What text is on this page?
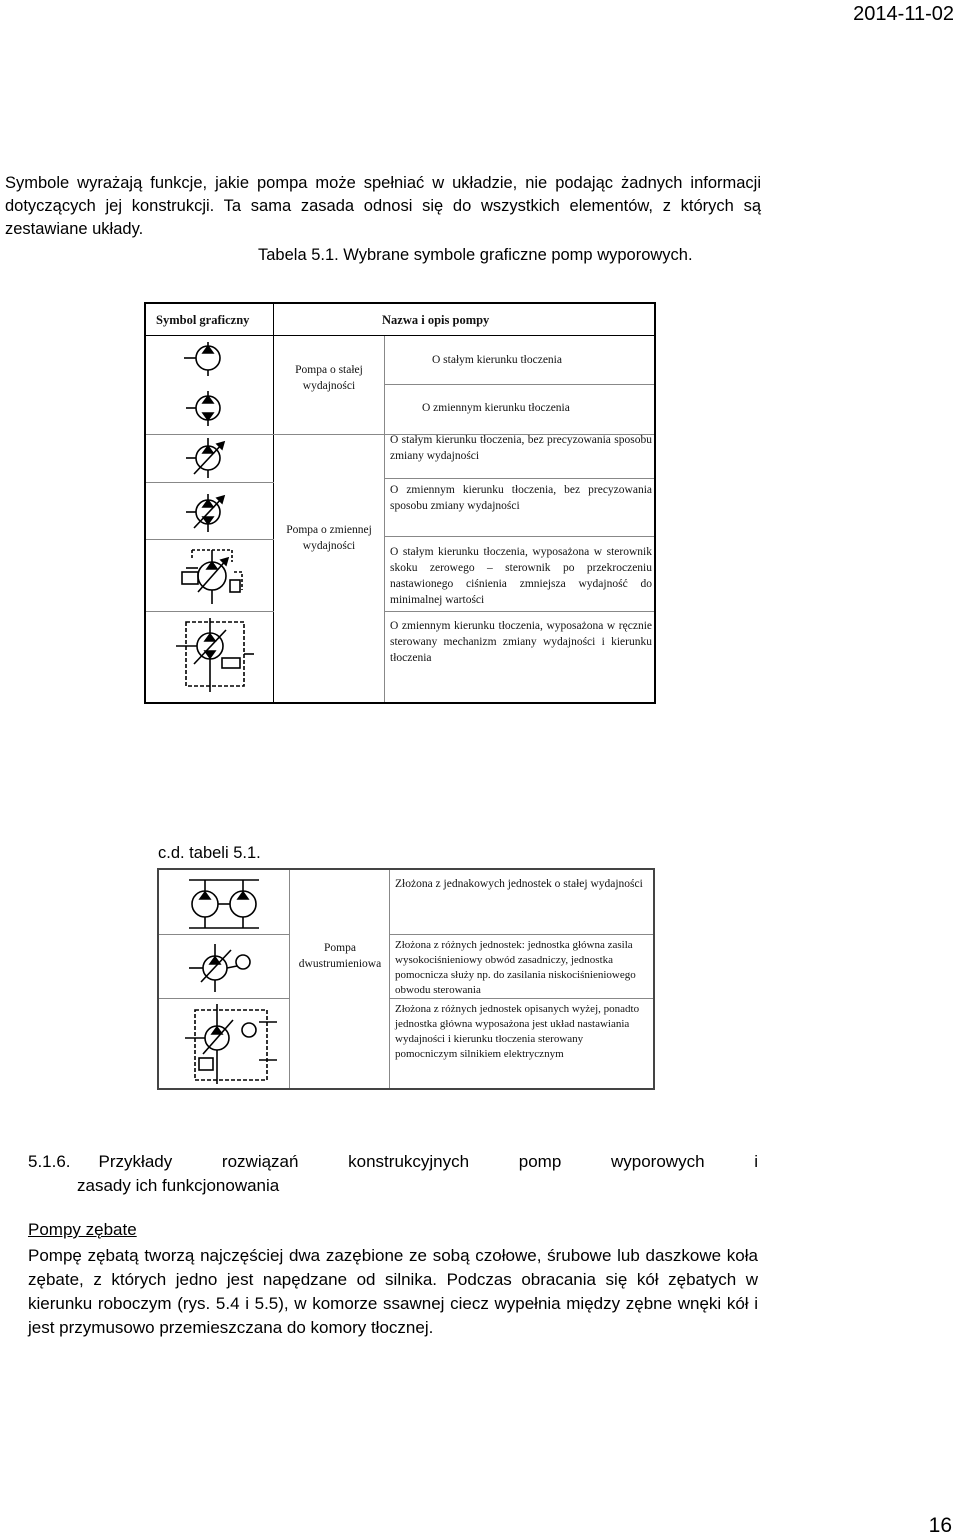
2014-11-02
Symbole wyrażają funkcje, jakie pompa może spełniać w układzie, nie podając żadnych informacji dotyczących jej konstrukcji. Ta sama zasada odnosi się do wszystkich elementów, z których są zestawiane układy.
Tabela 5.1. Wybrane symbole graficzne pomp wyporowych.
Symbol graficzny	Nazwa i opis pompy
Pompa o stałej wydajności
Pompa o zmiennej wydajności
O stałym kierunku tłoczenia
O zmiennym kierunku tłoczenia
O stałym kierunku tłoczenia, bez precyzowania sposobu zmiany wydajności
O zmiennym kierunku tłoczenia, bez precyzowania sposobu zmiany wydajności
O stałym kierunku tłoczenia, wyposażona w sterownik skoku zerowego – sterownik po przekroczeniu nastawionego ciśnienia zmniejsza wydajność do minimalnej wartości
O zmiennym kierunku tłoczenia, wyposażona w ręcznie sterowany mechanizm zmiany wydajności i kierunku tłoczenia
c.d. tabeli 5.1.
Pompa dwustrumieniowa
Złożona z jednakowych jednostek o stałej wydajności
Złożona z różnych jednostek: jednostka główna zasila wysokociśnieniowy obwód zasadniczy, jednostka pomocnicza służy np. do zasilania niskociśnieniowego obwodu sterowania
Złożona z różnych jednostek opisanych wyżej, ponadto jednostka główna wyposażona jest układ nastawiania wydajności i kierunku tłoczenia sterowany pomocniczym silnikiem elektrycznym
5.1.6. Przykłady rozwiązań konstrukcyjnych pomp wyporowych i
zasady ich funkcjonowania
Pompy zębate
Pompę zębatą tworzą najczęściej dwa zazębione ze sobą czołowe, śrubowe lub daszkowe koła zębate, z których jedno jest napędzane od silnika. Podczas obracania się kół zębatych w kierunku roboczym (rys. 5.4 i 5.5), w komorze ssawnej ciecz wypełnia między zębne wnęki kół i jest przymusowo przemieszczana do komory tłocznej.
16
